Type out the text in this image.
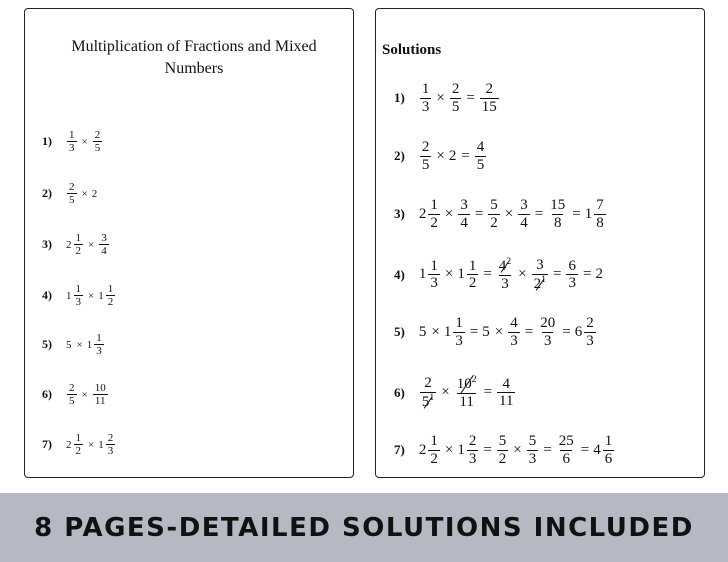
Multiplication of Fractions and Mixed Numbers
$1) \frac{1}{3} \times \frac{2}{5}$
$2) \frac{2}{5} \times 2$
3) $2 \frac{1}{2} \times \frac{3}{4}$
4) $1 \frac{1}{3} \times 1 \frac{1}{2}$
5) $5 \times 1 \frac{1}{3}$
$6) \frac{2}{5} \times \frac{10}{11}$
7) $2 \frac{1}{2} \times 1 \frac{2}{3}$
Solutions
$1) \frac{1}{3} \times \frac{2}{5} = \frac{2}{15}$
$2) \frac{2}{5} \times 2 = \frac{4}{5}$
3) $2 \frac{1}{2} \times \frac{3}{4} = \frac{5}{2} \times \frac{3}{4} = \frac{15}{8} = 1 \frac{7}{8}$
4) $1 \frac{1}{3} \times 1 \frac{1}{2} = \frac{4^2}{3} \times \frac{3}{2^1} = \frac{6}{3} = 2$
5) $5 \times 1 \frac{1}{3} = 5 \times \frac{4}{3} = \frac{20}{3} = 6 \frac{2}{3}$
$6) \frac{2}{5^1} \times \frac{10^2}{11} = \frac{4}{11}$
7) $2 \frac{1}{2} \times 1 \frac{2}{3} = \frac{5}{2} \times \frac{5}{3} = \frac{25}{6} = 4 \frac{1}{6}$
8 PAGES-DETAILED SOLUTIONS INCLUDED
